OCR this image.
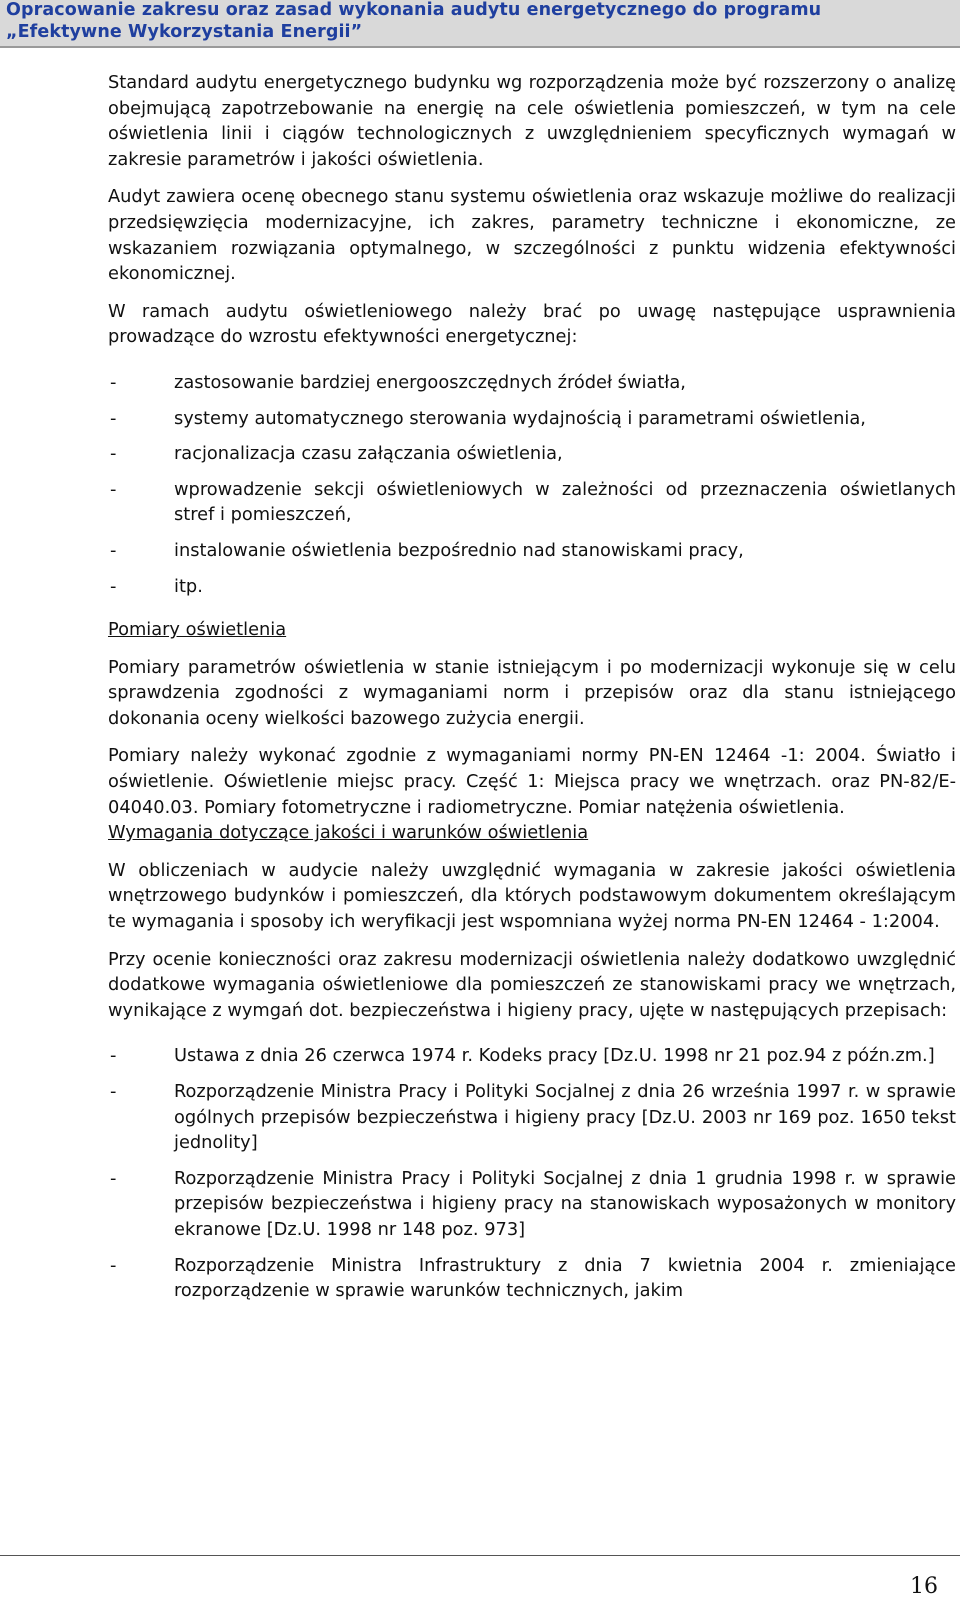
Opracowanie zakresu oraz zasad wykonania audytu energetycznego do programu
„Efektywne Wykorzystania Energii”

Standard audytu energetycznego budynku wg rozporządzenia może być rozszerzony o analizę obejmującą zapotrzebowanie na energię na cele oświetlenia pomieszczeń, w tym na cele oświetlenia linii i ciągów technologicznych z uwzględnieniem specyficznych wymagań w zakresie parametrów i jakości oświetlenia.

Audyt zawiera ocenę obecnego stanu systemu oświetlenia oraz wskazuje możliwe do realizacji przedsięwzięcia modernizacyjne, ich zakres, parametry techniczne i ekonomiczne, ze wskazaniem rozwiązania optymalnego, w szczególności z punktu widzenia efektywności ekonomicznej.

W ramach audytu oświetleniowego należy brać po uwagę następujące usprawnienia prowadzące do wzrostu efektywności energetycznej:

-	zastosowanie bardziej energooszczędnych źródeł światła,
-	systemy automatycznego sterowania wydajnością i parametrami oświetlenia,
-	racjonalizacja czasu załączania oświetlenia,
-	wprowadzenie sekcji oświetleniowych w zależności od przeznaczenia oświetlanych stref i pomieszczeń,
-	instalowanie oświetlenia bezpośrednio nad stanowiskami pracy,
-	itp.

Pomiary oświetlenia

Pomiary parametrów oświetlenia w stanie istniejącym i po modernizacji wykonuje się w celu sprawdzenia zgodności z wymaganiami norm i przepisów oraz dla stanu istniejącego dokonania oceny wielkości bazowego zużycia energii.

Pomiary należy wykonać zgodnie z wymaganiami normy PN-EN 12464 -1: 2004. Światło i oświetlenie. Oświetlenie miejsc pracy. Część 1: Miejsca pracy we wnętrzach. oraz PN-82/E-04040.03. Pomiary fotometryczne i radiometryczne. Pomiar natężenia oświetlenia.

Wymagania dotyczące jakości i warunków oświetlenia

W obliczeniach w audycie należy uwzględnić wymagania w zakresie jakości oświetlenia wnętrzowego budynków i pomieszczeń, dla których podstawowym dokumentem określającym te wymagania i sposoby ich weryfikacji jest wspomniana wyżej norma PN-EN 12464 - 1:2004.

Przy ocenie konieczności oraz zakresu modernizacji oświetlenia należy dodatkowo uwzględnić dodatkowe wymagania oświetleniowe dla pomieszczeń ze stanowiskami pracy we wnętrzach, wynikające z wymgań dot. bezpieczeństwa i higieny pracy, ujęte w następujących przepisach:

-	Ustawa z dnia 26 czerwca 1974 r. Kodeks pracy [Dz.U. 1998 nr 21 poz.94 z późn.zm.]
-	Rozporządzenie Ministra Pracy i Polityki Socjalnej z dnia 26 września 1997 r. w sprawie ogólnych przepisów bezpieczeństwa i higieny pracy [Dz.U. 2003 nr 169 poz. 1650 tekst jednolity]
-	Rozporządzenie Ministra Pracy i Polityki Socjalnej z dnia 1 grudnia 1998 r. w sprawie przepisów bezpieczeństwa i higieny pracy na stanowiskach wyposażonych w monitory ekranowe [Dz.U. 1998 nr 148 poz. 973]
-	Rozporządzenie Ministra Infrastruktury z dnia 7 kwietnia 2004 r. zmieniające rozporządzenie w sprawie warunków technicznych, jakim
16
